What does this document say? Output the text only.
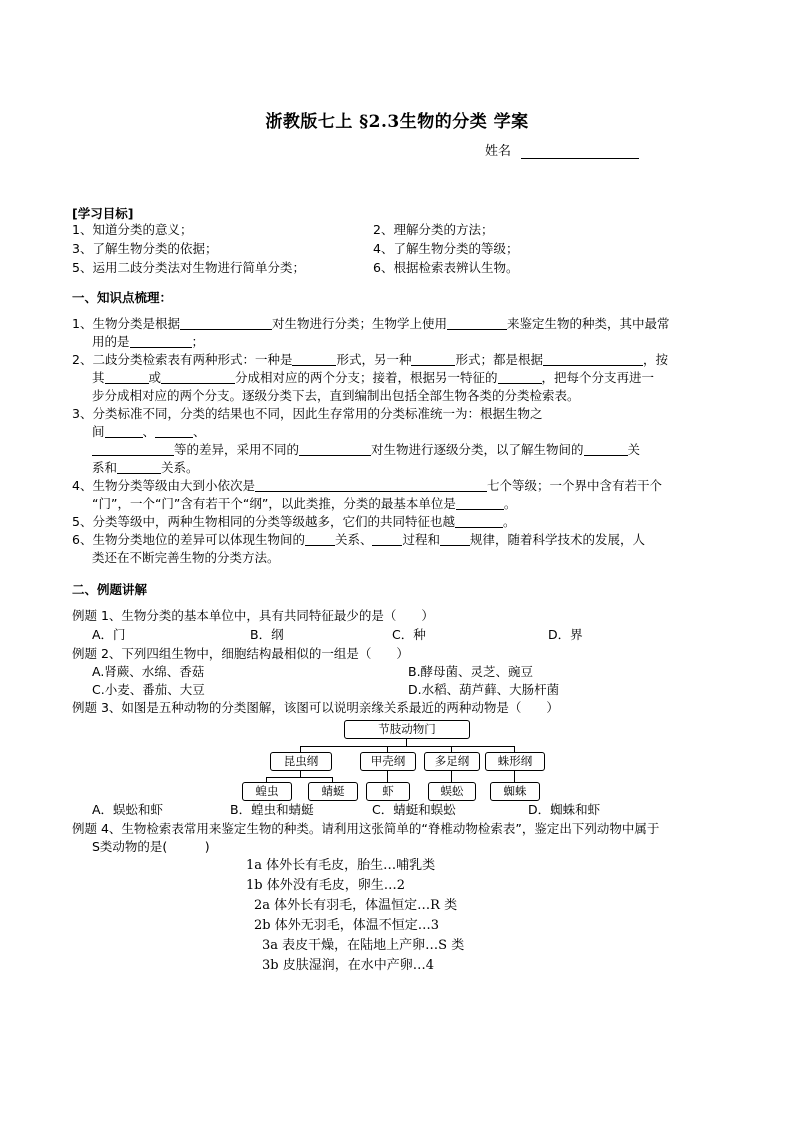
浙教版七上 §2.3生物的分类 学案
姓名
[学习目标]
1、知道分类的意义；	2、理解分类的方法；
3、了解生物分类的依据；	4、了解生物分类的等级；
5、运用二歧分类法对生物进行简单分类；	6、根据检索表辨认生物。
一、知识点梳理：
1、生物分类是根据	对生物进行分类；生物学上使用	来鉴定生物的种类，其中最常
用的是	；
2、二歧分类检索表有两种形式：一种是	形式，另一种	形式；都是根据	，按
其	或	分成相对应的两个分支；接着，根据另一特征的	，把每个分支再进一
步分成相对应的两个分支。逐级分类下去，直到编制出包括全部生物各类的分类检索表。
3、分类标准不同，分类的结果也不同，因此生存常用的分类标准统一为：根据生物之
间	、	、
等的差异，采用不同的	对生物进行逐级分类，以了解生物间的	关
系和	关系。
4、生物分类等级由大到小依次是	七个等级；一个界中含有若干个
“门”，一个“门”含有若干个“纲”，以此类推，分类的最基本单位是	。
5、分类等级中，两种生物相同的分类等级越多，它们的共同特征也越	。
6、生物分类地位的差异可以体现生物间的 关系、 过程和 规律，随着科学技术的发展，人
类还在不断完善生物的分类方法。
二、例题讲解
例题 1、生物分类的基本单位中，具有共同特征最少的是（　　）
A．门	B．纲	C．种	D．界
例题 2、下列四组生物中，细胞结构最相似的一组是（　　）
A.肾蕨、水绵、香菇	B.酵母菌、灵芝、豌豆
C.小麦、番茄、大豆	D.水稻、葫芦藓、大肠杆菌
例题 3、如图是五种动物的分类图解，该图可以说明亲缘关系最近的两种动物是（　　）
节肢动物门
昆虫纲	甲壳纲	多足纲	蛛形纲
蝗虫	蜻蜓	虾	蜈蚣	蜘蛛
A．蜈蚣和虾	B．蝗虫和蜻蜓	C．蜻蜓和蜈蚣	D．蜘蛛和虾
例题 4、生物检索表常用来鉴定生物的种类。请利用这张简单的“脊椎动物检索表”，鉴定出下列动物中属于
S类动物的是(　　　)
1a 体外长有毛皮，胎生…哺乳类
1b 体外没有毛皮，卵生…2
2a 体外长有羽毛，体温恒定…R 类
2b 体外无羽毛，体温不恒定…3
3a 表皮干燥，在陆地上产卵…S 类
3b 皮肤湿润，在水中产卵…4
